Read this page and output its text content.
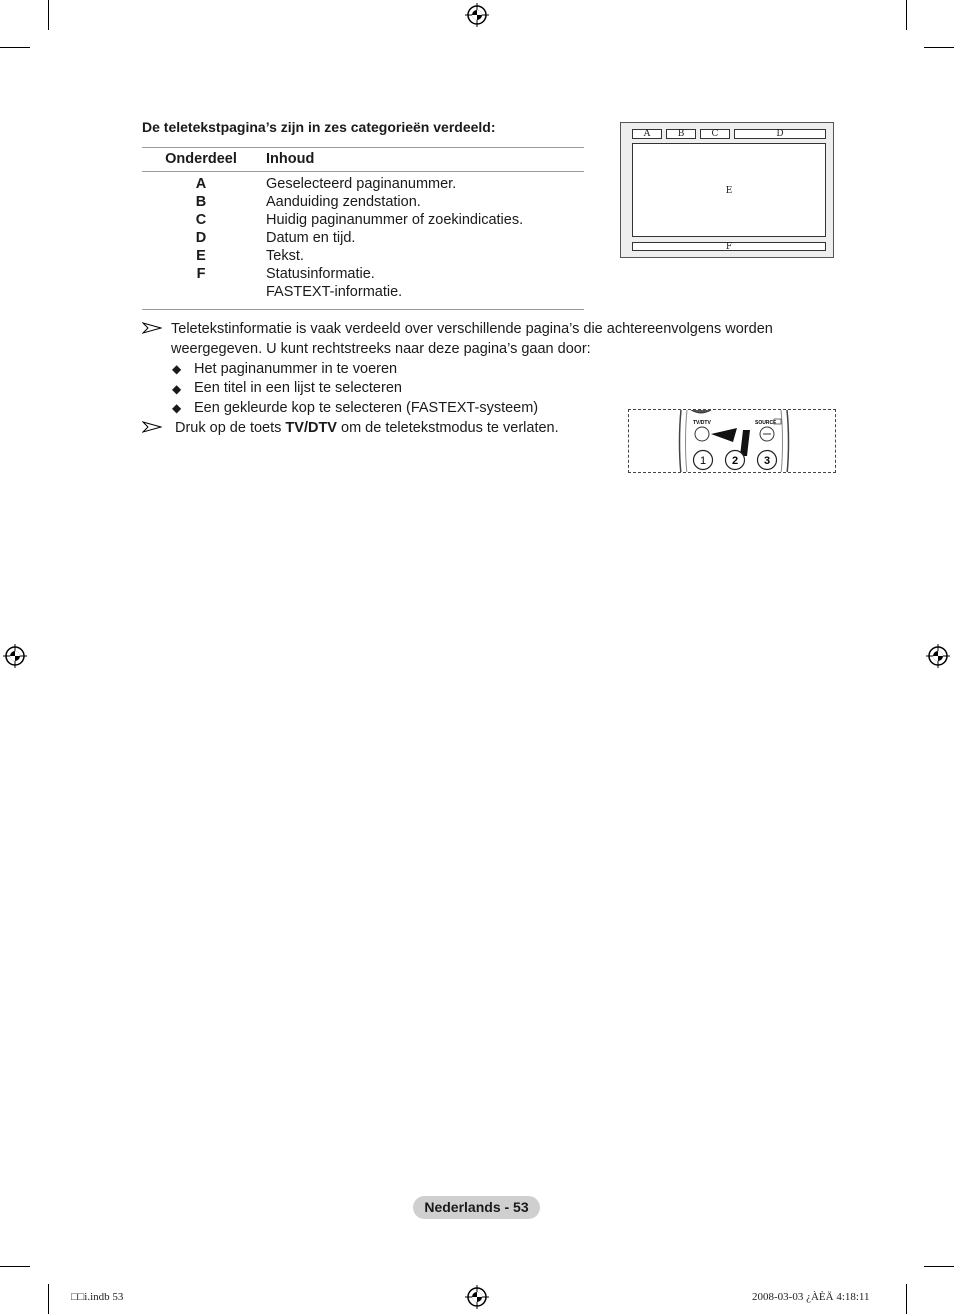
De teletekstpagina’s zijn in zes categorieën verdeeld:
Onderdeel	Inhoud
A	Geselecteerd paginanummer.
B	Aanduiding zendstation.
C	Huidig paginanummer of zoekindicaties.
D	Datum en tijd.
E	Tekst.
F	Statusinformatie.
FASTEXT-informatie.
A	B	C	D
E
F
Teletekstinformatie is vaak verdeeld over verschillende pagina’s die achtereenvolgens worden
weergegeven. U kunt rechtstreeks naar deze pagina’s gaan door:
◆ Het paginanummer in te voeren
◆ Een titel in een lijst te selecteren
◆ Een gekleurde kop te selecteren (FASTEXT-systeem)
Druk op de toets TV/DTV om de teletekstmodus te verlaten.	TV/DTV	SOURCE
1 2 3
Nederlands - 53
□□i.indb 53	2008-03-03 ¿ÀÈÄ 4:18:11
